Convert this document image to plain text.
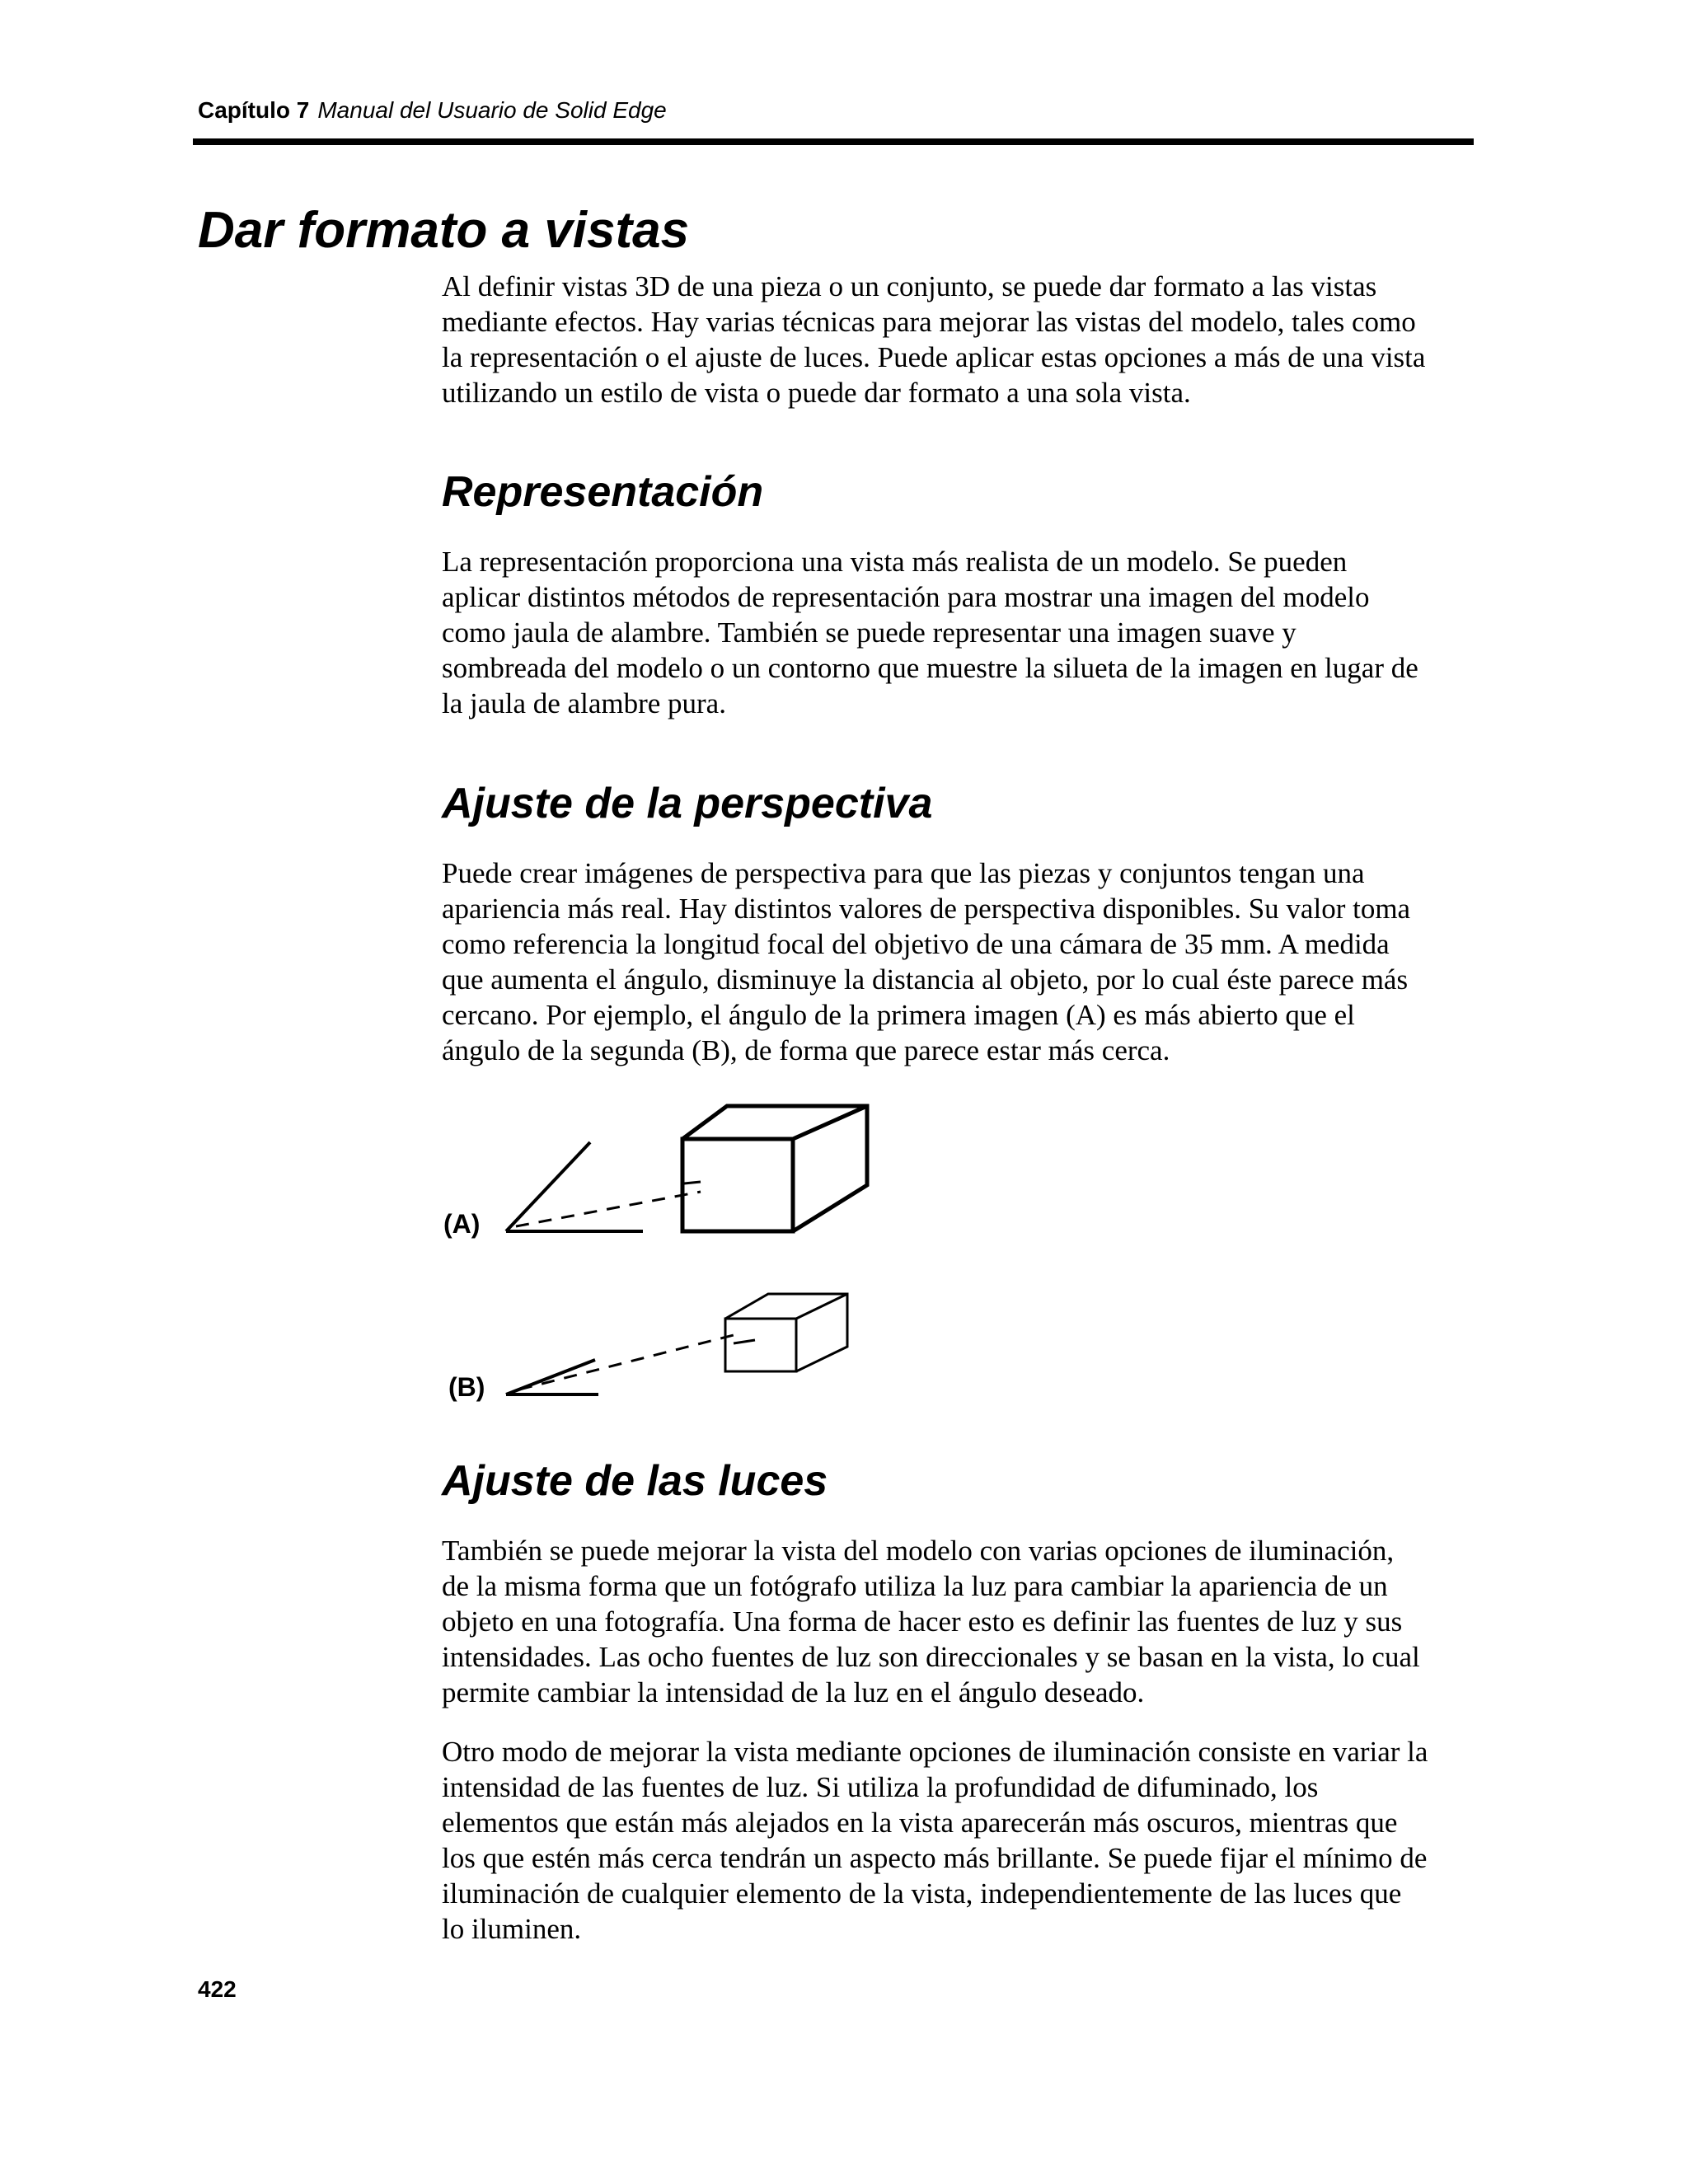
Capítulo 7 Manual del Usuario de Solid Edge
Dar formato a vistas

Al definir vistas 3D de una pieza o un conjunto, se puede dar formato a las vistas
mediante efectos. Hay varias técnicas para mejorar las vistas del modelo, tales como
la representación o el ajuste de luces. Puede aplicar estas opciones a más de una vista
utilizando un estilo de vista o puede dar formato a una sola vista.

Representación

La representación proporciona una vista más realista de un modelo. Se pueden
aplicar distintos métodos de representación para mostrar una imagen del modelo
como jaula de alambre. También se puede representar una imagen suave y
sombreada del modelo o un contorno que muestre la silueta de la imagen en lugar de
la jaula de alambre pura.

Ajuste de la perspectiva

Puede crear imágenes de perspectiva para que las piezas y conjuntos tengan una
apariencia más real. Hay distintos valores de perspectiva disponibles. Su valor toma
como referencia la longitud focal del objetivo de una cámara de 35 mm. A medida
que aumenta el ángulo, disminuye la distancia al objeto, por lo cual éste parece más
cercano. Por ejemplo, el ángulo de la primera imagen (A) es más abierto que el
ángulo de la segunda (B), de forma que parece estar más cerca.

(A)
(B)
Ajuste de las luces

También se puede mejorar la vista del modelo con varias opciones de iluminación,
de la misma forma que un fotógrafo utiliza la luz para cambiar la apariencia de un
objeto en una fotografía. Una forma de hacer esto es definir las fuentes de luz y sus
intensidades. Las ocho fuentes de luz son direccionales y se basan en la vista, lo cual
permite cambiar la intensidad de la luz en el ángulo deseado.

Otro modo de mejorar la vista mediante opciones de iluminación consiste en variar la
intensidad de las fuentes de luz. Si utiliza la profundidad de difuminado, los
elementos que están más alejados en la vista aparecerán más oscuros, mientras que
los que estén más cerca tendrán un aspecto más brillante. Se puede fijar el mínimo de
iluminación de cualquier elemento de la vista, independientemente de las luces que
lo iluminen.

422
